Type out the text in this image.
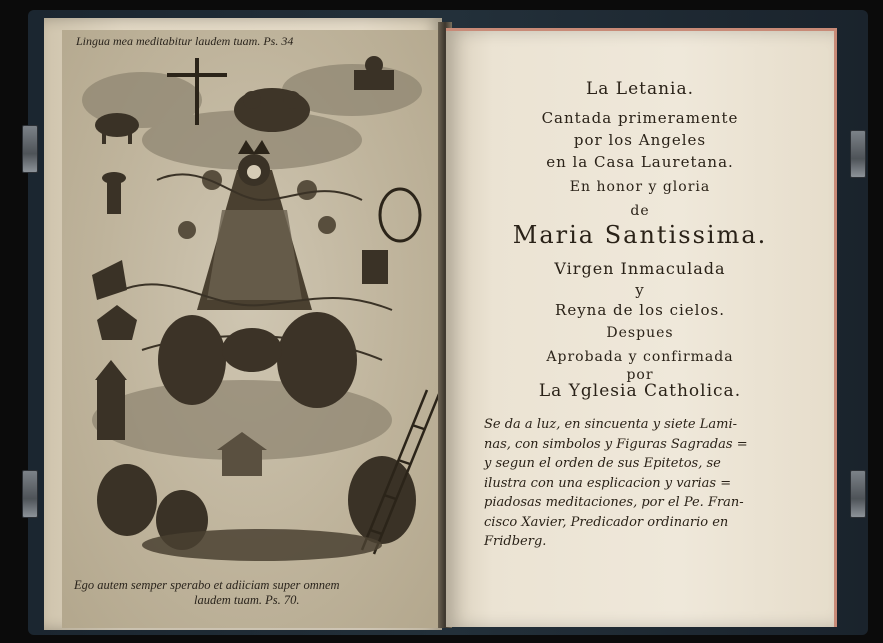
Lingua mea meditabitur laudem tuam. Ps. 34
Ego autem semper sperabo et adiiciam super omnem
laudem tuam. Ps. 70.
La Letania.
Cantada primeramente
por los Angeles
en la Casa Lauretana.
En honor y gloria
de
Maria Santissima.
Virgen Inmaculada
y
Reyna de los cielos.
Despues
Aprobada y confirmada
por
La Yglesia Catholica.
Se da a luz, en sincuenta y siete Lami-
nas, con simbolos y Figuras Sagradas =
y segun el orden de sus Epitetos, se
ilustra con una esplicacion y varias =
piadosas meditaciones, por el Pe. Fran-
cisco Xavier, Predicador ordinario en
Fridberg.
